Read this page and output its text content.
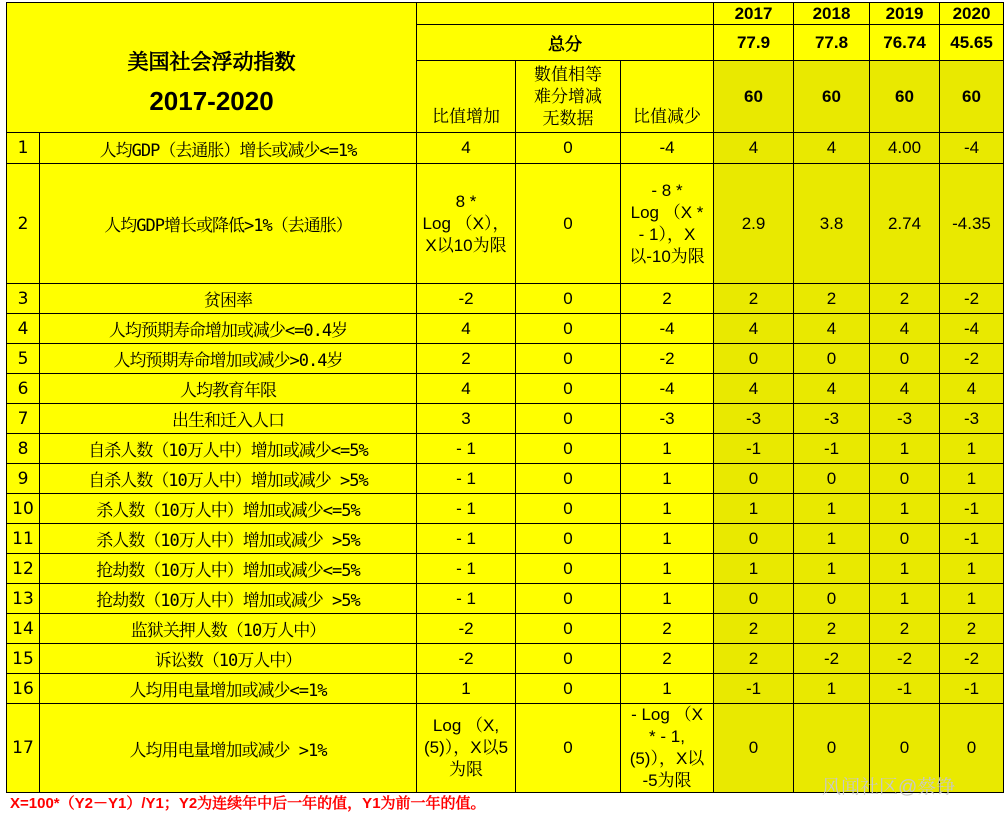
美国社会浮动指数
2017-2020					2017	2018	2019	2020
		总分			77.9	77.8	76.74	45.65
		比值增加	數值相等
难分增减
无数据	比值减少	60	60	60	60
1	人均GDP（去通胀）增长或减少<=1%	4	0	-4	4	4	4.00	-4
2	人均GDP增长或降低>1%（去通胀）	8 *
Log （X），
X以10为限	0	- 8 *
Log （X *
- 1），X
以-10为限	2.9	3.8	2.74	-4.35
3	贫困率	-2	0	2	2	2	2	-2
4	人均预期寿命增加或减少<=0.4岁	4	0	-4	4	4	4	-4
5	人均预期寿命增加或减少>0.4岁	2	0	-2	0	0	0	-2
6	人均教育年限	4	0	-4	4	4	4	4
7	出生和迁入人口	3	0	-3	-3	-3	-3	-3
8	自杀人数（10万人中）增加或减少<=5%	- 1	0	1	-1	-1	1	1
9	自杀人数（10万人中）增加或减少 >5%	- 1	0	1	0	0	0	1
10	杀人数（10万人中）增加或减少<=5%	- 1	0	1	1	1	1	-1
11	杀人数（10万人中）增加或减少 >5%	- 1	0	1	0	1	0	-1
12	抢劫数（10万人中）增加或减少<=5%	- 1	0	1	1	1	1	1
13	抢劫数（10万人中）增加或减少 >5%	- 1	0	1	0	0	1	1
14	监狱关押人数（10万人中）	-2	0	2	2	2	2	2
15	诉讼数（10万人中）	-2	0	2	2	-2	-2	-2
16	人均用电量增加或减少<=1%	1	0	1	-1	1	-1	-1
17	人均用电量增加或减少 >1%	Log （X,
(5)），X以5
为限	0	- Log （X
* - 1,
(5)），X以
-5为限	0	0	0	0
X=100*（Y2－Y1）/Y1；Y2为连续年中后一年的值，Y1为前一年的值。
风闻社区@蔡铮
